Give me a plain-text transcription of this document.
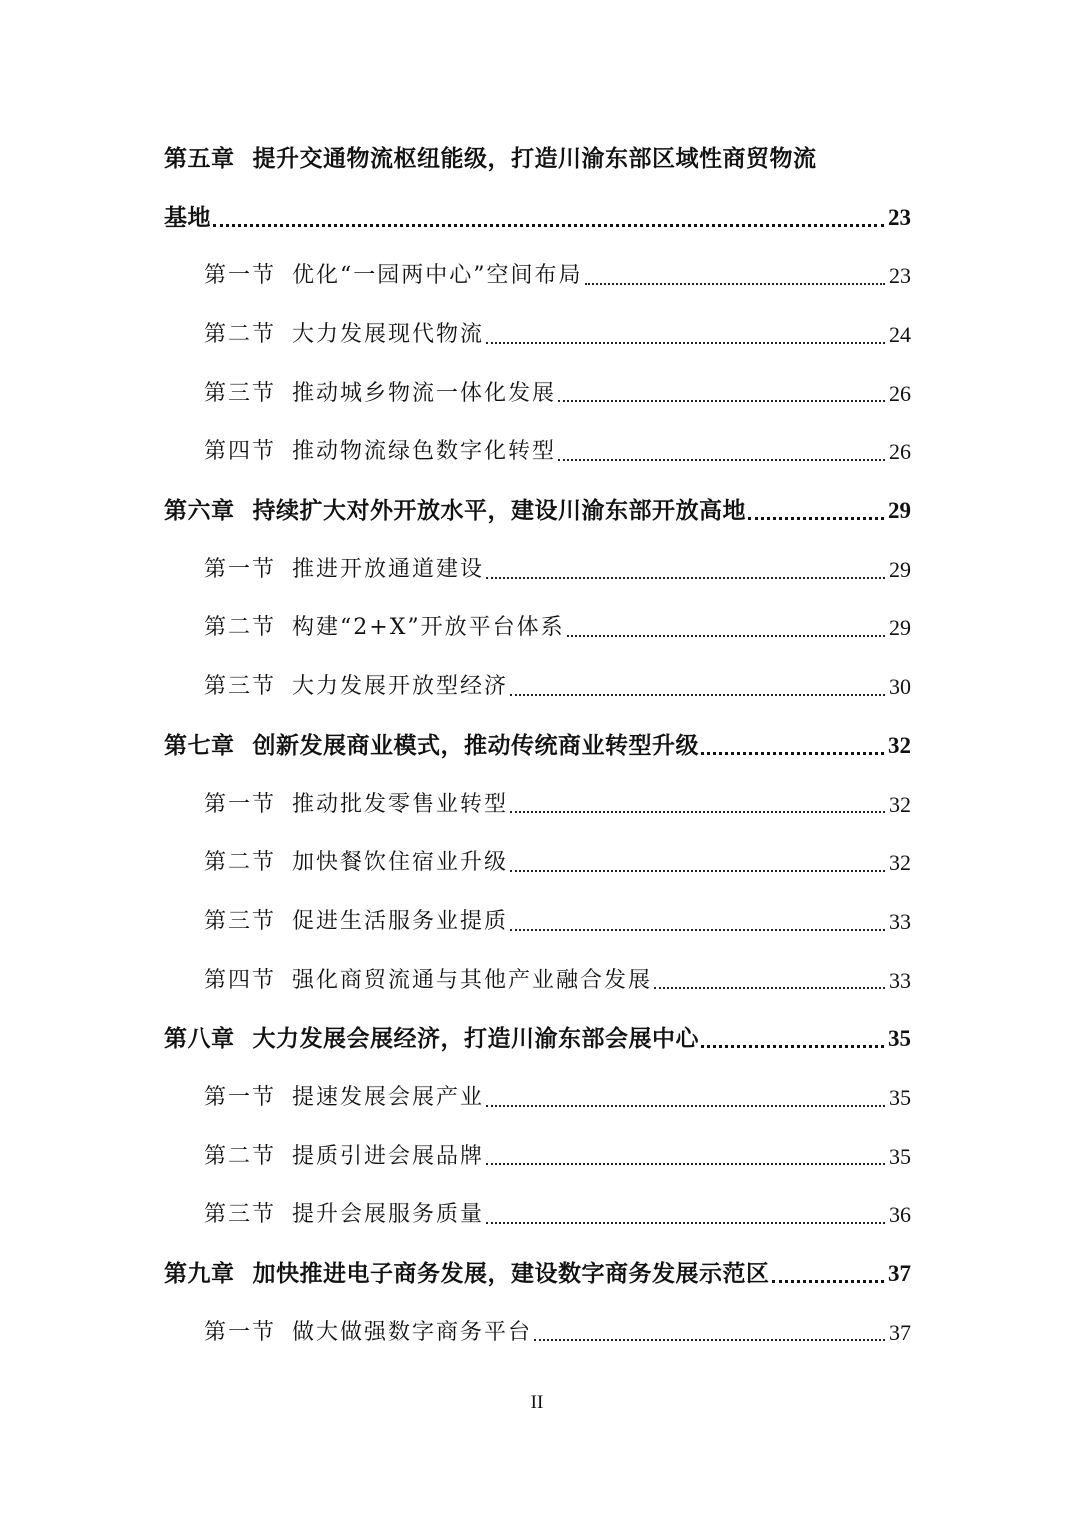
第五章 提升交通物流枢纽能级，打造川渝东部区域性商贸物流
基地	23
第一节 优化“一园两中心”空间布局	23
第二节 大力发展现代物流	24
第三节 推动城乡物流一体化发展	26
第四节 推动物流绿色数字化转型	26
第六章 持续扩大对外开放水平，建设川渝东部开放高地	29
第一节 推进开放通道建设	29
第二节 构建“2+X”开放平台体系	29
第三节 大力发展开放型经济	30
第七章 创新发展商业模式，推动传统商业转型升级	32
第一节 推动批发零售业转型	32
第二节 加快餐饮住宿业升级	32
第三节 促进生活服务业提质	33
第四节 强化商贸流通与其他产业融合发展	33
第八章 大力发展会展经济，打造川渝东部会展中心	35
第一节 提速发展会展产业	35
第二节 提质引进会展品牌	35
第三节 提升会展服务质量	36
第九章 加快推进电子商务发展，建设数字商务发展示范区	37
第一节 做大做强数字商务平台	37
II
